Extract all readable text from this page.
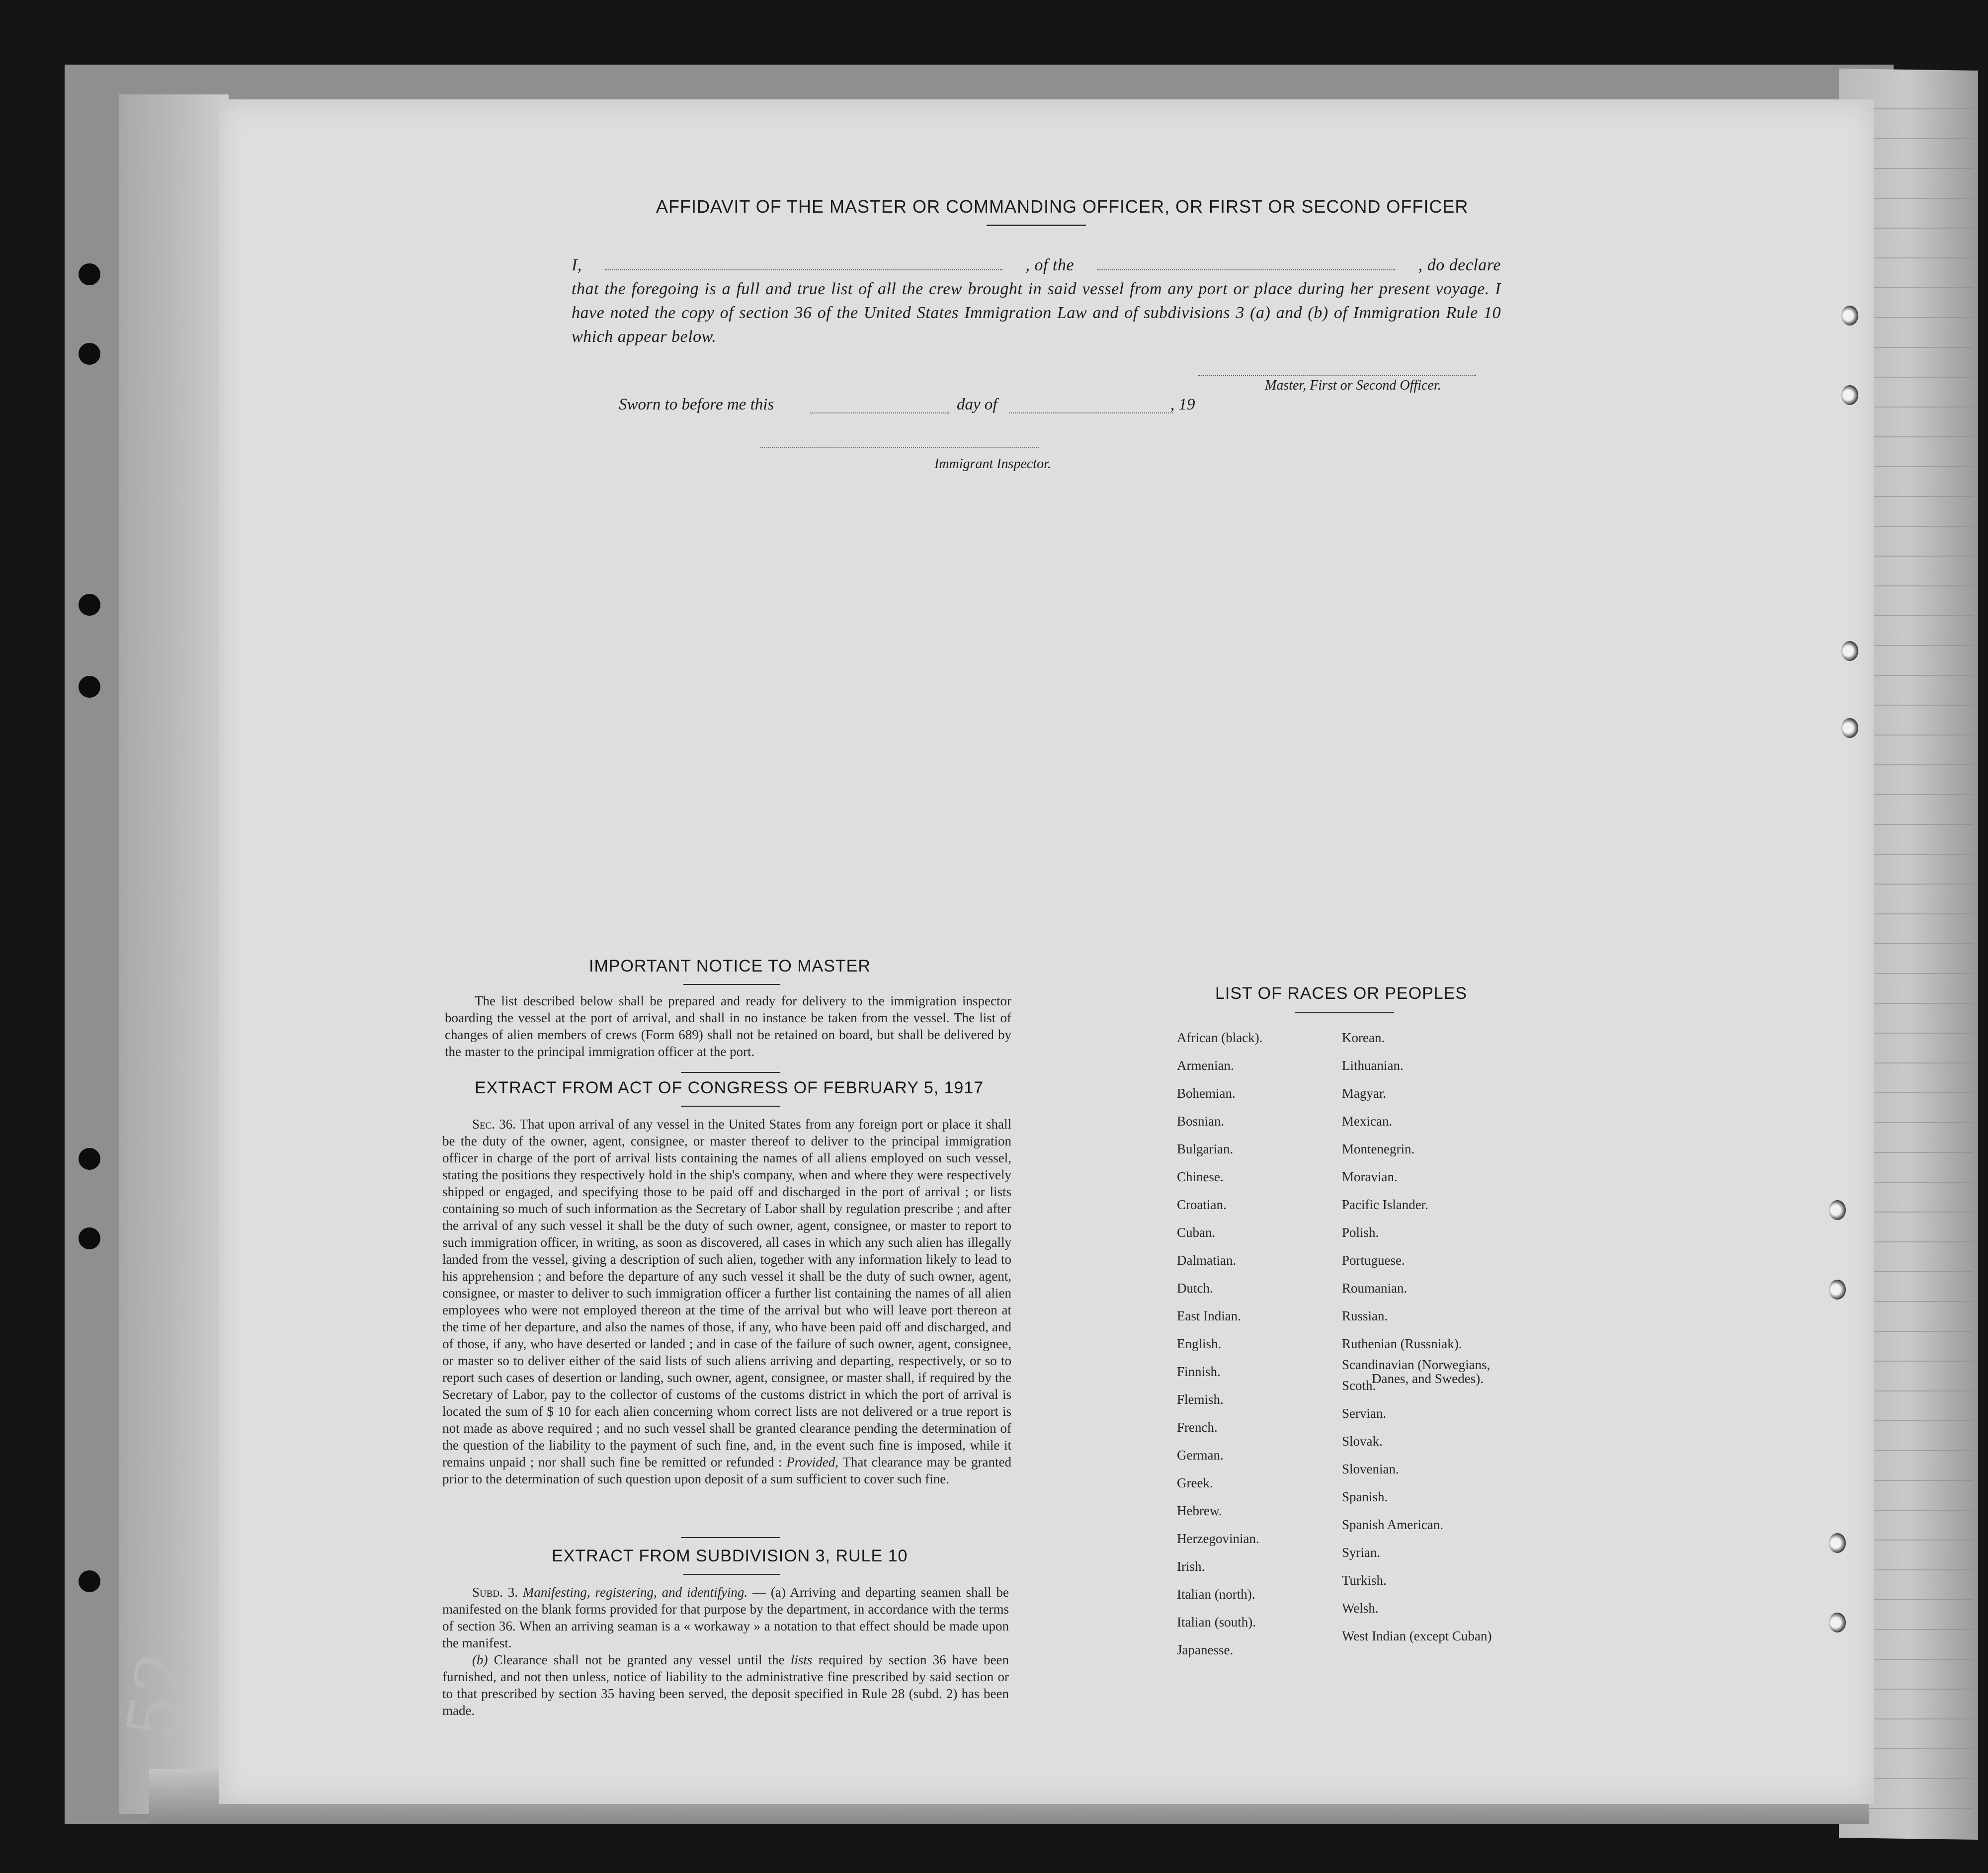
52
AFFIDAVIT OF THE MASTER OR COMMANDING OFFICER, OR FIRST OR SECOND OFFICER
I,	, of the	, do declare
that the foregoing is a full and true list of all the crew brought in said vessel from any port or place during her present voyage. I have noted the copy of section 36 of the United States Immigration Law and of subdivisions 3 (a) and (b) of Immigration Rule 10 which appear below.
Master, First or Second Officer.
Sworn to before me this	day of	, 19
Immigrant Inspector.
IMPORTANT NOTICE TO MASTER

The list described below shall be prepared and ready for delivery to the immigration inspector boarding the vessel at the port of arrival, and shall in no instance be taken from the vessel. The list of changes of alien members of crews (Form 689) shall not be retained on board, but shall be delivered by the master to the principal immigration officer at the port.

EXTRACT FROM ACT OF CONGRESS OF FEBRUARY 5, 1917

Sec. 36. That upon arrival of any vessel in the United States from any foreign port or place it shall be the duty of the owner, agent, consignee, or master thereof to deliver to the principal immigration officer in charge of the port of arrival lists containing the names of all aliens employed on such vessel, stating the positions they respectively hold in the ship's company, when and where they were respectively shipped or engaged, and specifying those to be paid off and discharged in the port of arrival ; or lists containing so much of such information as the Secretary of Labor shall by regulation prescribe ; and after the arrival of any such vessel it shall be the duty of such owner, agent, consignee, or master to report to such immigration officer, in writing, as soon as discovered, all cases in which any such alien has illegally landed from the vessel, giving a description of such alien, together with any information likely to lead to his apprehension ; and before the departure of any such vessel it shall be the duty of such owner, agent, consignee, or master to deliver to such immigration officer a further list containing the names of all alien employees who were not employed thereon at the time of the arrival but who will leave port thereon at the time of her departure, and also the names of those, if any, who have been paid off and discharged, and of those, if any, who have deserted or landed ; and in case of the failure of such owner, agent, consignee, or master so to deliver either of the said lists of such aliens arriving and departing, respectively, or so to report such cases of desertion or landing, such owner, agent, consignee, or master shall, if required by the Secretary of Labor, pay to the collector of customs of the customs district in which the port of arrival is located the sum of $ 10 for each alien concerning whom correct lists are not delivered or a true report is not made as above required ; and no such vessel shall be granted clearance pending the determination of the question of the liability to the payment of such fine, and, in the event such fine is imposed, while it remains unpaid ; nor shall such fine be remitted or refunded : Provided, That clearance may be granted prior to the determination of such question upon deposit of a sum sufficient to cover such fine.

EXTRACT FROM SUBDIVISION 3, RULE 10

Subd. 3. Manifesting, registering, and identifying. — (a) Arriving and departing seamen shall be manifested on the blank forms provided for that purpose by the department, in accordance with the terms of section 36. When an arriving seaman is a « workaway » a notation to that effect should be made upon the manifest.

(b) Clearance shall not be granted any vessel until the lists required by section 36 have been furnished, and not then unless, notice of liability to the administrative fine prescribed by said section or to that prescribed by section 35 having been served, the deposit specified in Rule 28 (subd. 2) has been made.

LIST OF RACES OR PEOPLES
African (black).
Armenian.
Bohemian.
Bosnian.
Bulgarian.
Chinese.
Croatian.
Cuban.
Dalmatian.
Dutch.
East Indian.
English.
Finnish.
Flemish.
French.
German.
Greek.
Hebrew.
Herzegovinian.
Irish.
Italian (north).
Italian (south).
Japanesse.
Korean.
Lithuanian.
Magyar.
Mexican.
Montenegrin.
Moravian.
Pacific Islander.
Polish.
Portuguese.
Roumanian.
Russian.
Ruthenian (Russniak).
Scandinavian (Norwegians,
Danes, and Swedes).
Scoth.
Servian.
Slovak.
Slovenian.
Spanish.
Spanish American.
Syrian.
Turkish.
Welsh.
West Indian (except Cuban)
